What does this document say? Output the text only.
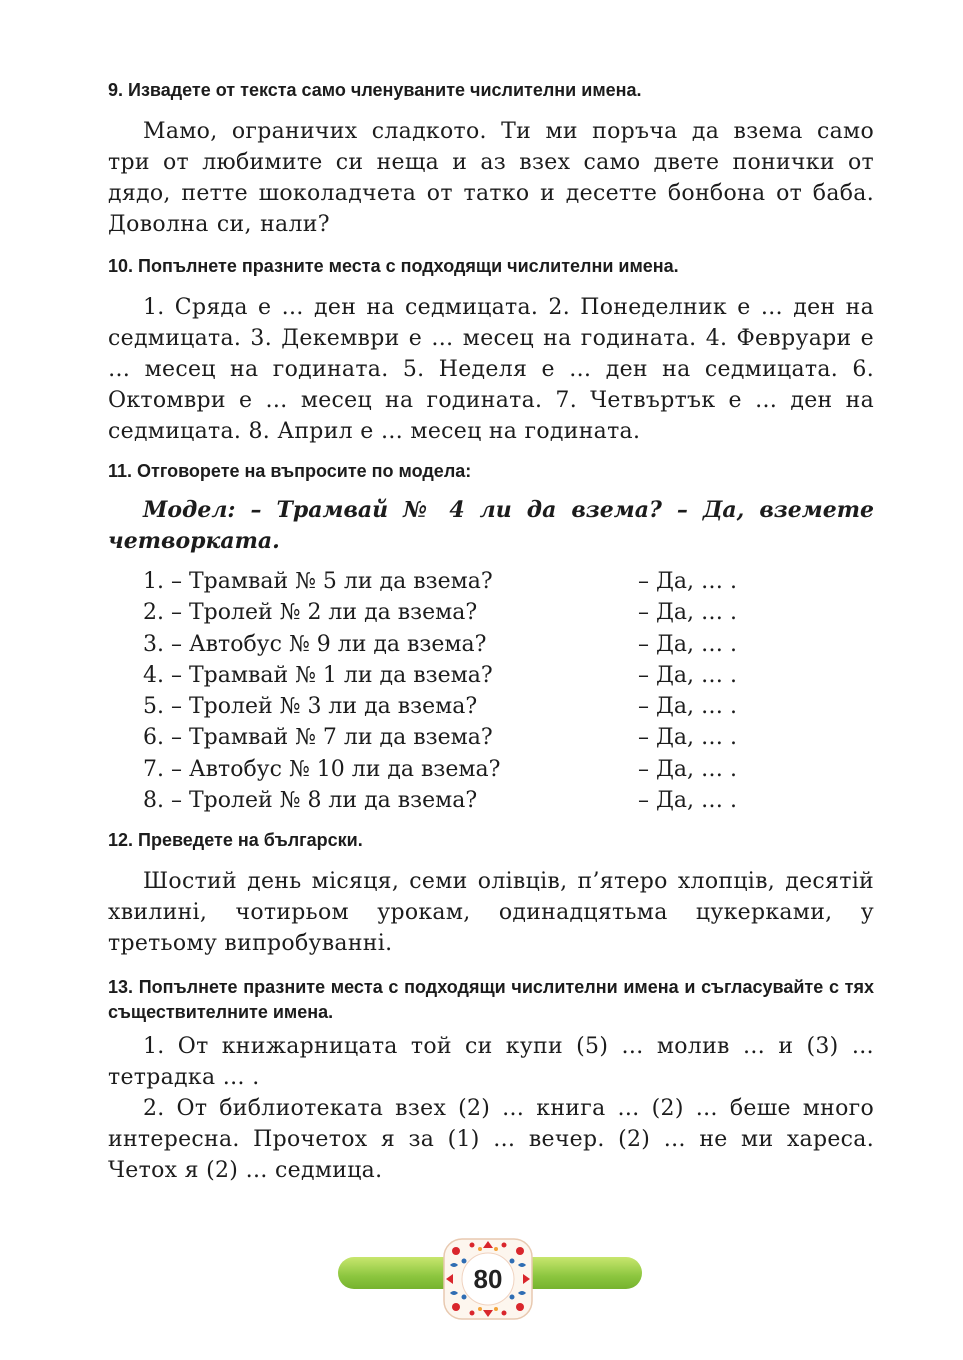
9. Извадете от текста само членуваните числителни имена.

Мамо, ограничих сладкото. Ти ми поръча да взема само три от любимите си неща и аз взех само двете понички от дядо, петте шоколадчета от татко и десетте бонбона от баба. Доволна си, нали?

10. Попълнете празните места с подходящи числителни имена.

1. Сряда е … ден на седмицата. 2. Понеделник е … ден на седмицата. 3. Декември е … месец на годината. 4. Февруари е … месец на годината. 5. Неделя е … ден на седмицата. 6. Октомври е … месец на годината. 7. Четвъртък е … ден на седмицата. 8. Април е … месец на годината.

11. Отговорете на въпросите по модела:

Модел: – Трамвай № 4 ли да взема? – Да, вземете четворката.

1. – Трамвай № 5 ли да взема?	– Да, … .
2. – Тролей № 2 ли да взема?	– Да, … .
3. – Автобус № 9 ли да взема?	– Да, … .
4. – Трамвай № 1 ли да взема?	– Да, … .
5. – Тролей № 3 ли да взема?	– Да, … .
6. – Трамвай № 7 ли да взема?	– Да, … .
7. – Автобус № 10 ли да взема?	– Да, … .
8. – Тролей № 8 ли да взема?	– Да, … .

12. Преведете на български.

Шостий день місяця, семи олівців, п’ятеро хлопців, десятій хвилині, чотирьом урокам, одинадцятьма цукерками, у третьому випробуванні.

13. Попълнете празните места с подходящи числителни имена и съгласувайте с тях съществителните имена.

1. От книжарницата той си купи (5) … молив … и (3) … тетрадка … .

2. От библиотеката взех (2) … книга … (2) … беше много интересна. Прочетох я за (1) … вечер. (2) … не ми хареса. Четох я (2) … седмица.

80
